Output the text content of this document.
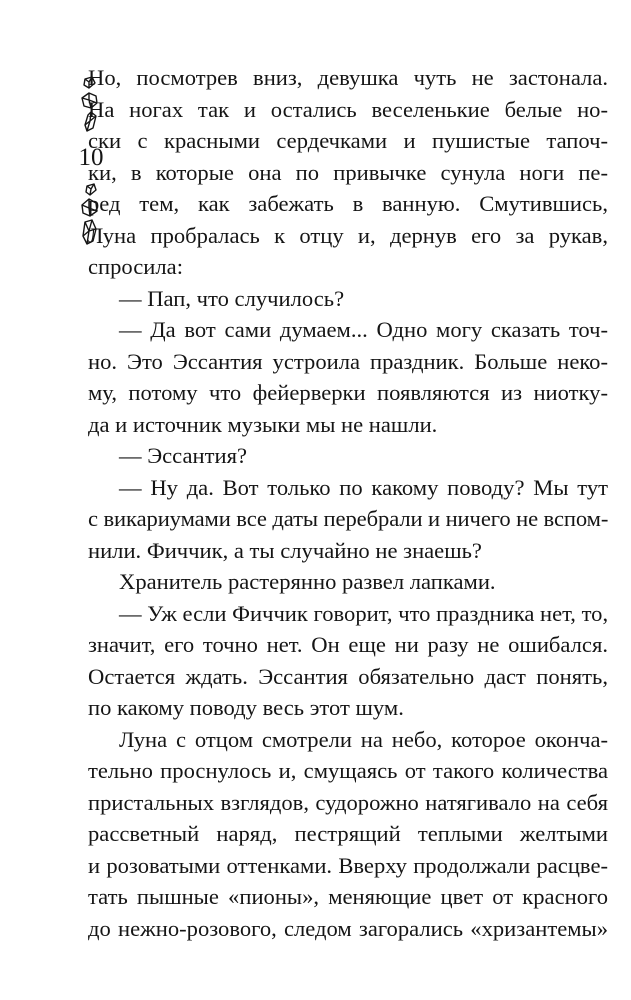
10
Но, посмотрев вниз, девушка чуть не застонала.
На ногах так и остались веселенькие белые но-
ски с красными сердечками и пушистые тапоч-
ки, в которые она по привычке сунула ноги пе-
ред тем, как забежать в ванную. Смутившись,
Луна пробралась к отцу и, дернув его за рукав,
спросила:
— Пап, что случилось?
— Да вот сами думаем... Одно могу сказать точ-
но. Это Эссантия устроила праздник. Больше неко-
му, потому что фейерверки появляются из ниотку-
да и источник музыки мы не нашли.
— Эссантия?
— Ну да. Вот только по какому поводу? Мы тут
с викариумами все даты перебрали и ничего не вспом-
нили. Фиччик, а ты случайно не знаешь?
Хранитель растерянно развел лапками.
— Уж если Фиччик говорит, что праздника нет, то,
значит, его точно нет. Он еще ни разу не ошибался.
Остается ждать. Эссантия обязательно даст понять,
по какому поводу весь этот шум.
Луна с отцом смотрели на небо, которое оконча-
тельно проснулось и, смущаясь от такого количества
пристальных взглядов, судорожно натягивало на себя
рассветный наряд, пестрящий теплыми желтыми
и розоватыми оттенками. Вверху продолжали расцве-
тать пышные «пионы», меняющие цвет от красного
до нежно-розового, следом загорались «хризантемы»
